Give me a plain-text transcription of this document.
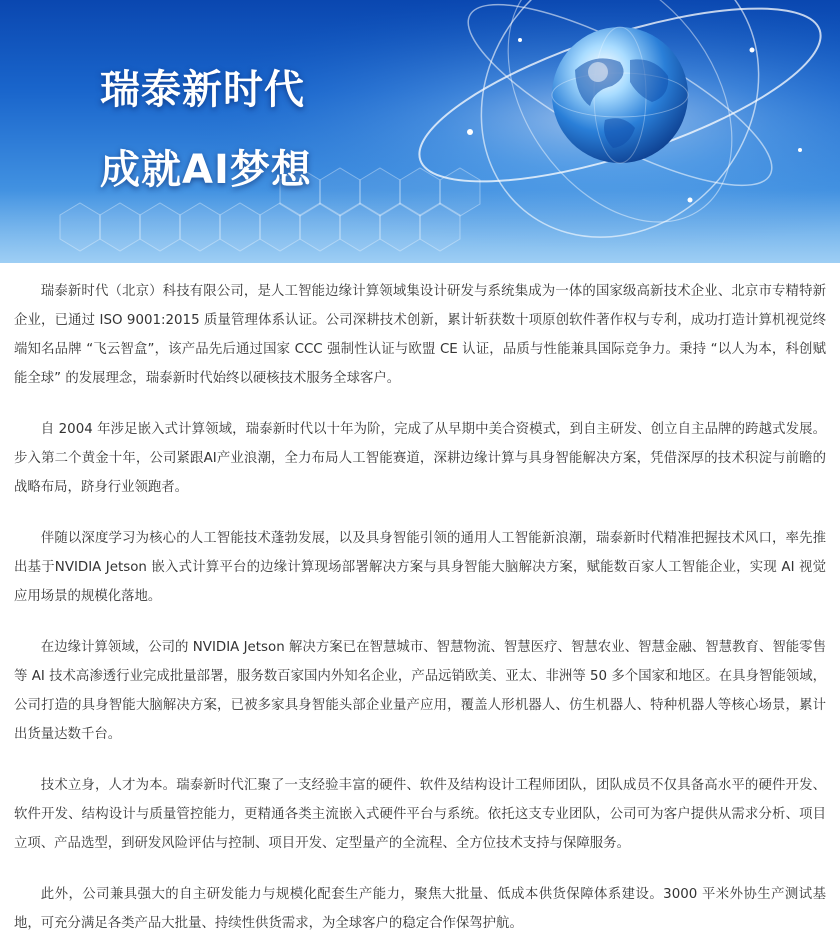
瑞泰新时代
成就AI梦想

瑞泰新时代（北京）科技有限公司，是人工智能边缘计算领域集设计研发与系统集成为一体的国家级高新技术企业、北京市专精特新企业，已通过 ISO 9001:2015 质量管理体系认证。公司深耕技术创新，累计斩获数十项原创软件著作权与专利，成功打造计算机视觉终端知名品牌 “飞云智盒”，该产品先后通过国家 CCC 强制性认证与欧盟 CE 认证，品质与性能兼具国际竞争力。秉持 “以人为本，科创赋能全球” 的发展理念，瑞泰新时代始终以硬核技术服务全球客户。

自 2004 年涉足嵌入式计算领域，瑞泰新时代以十年为阶，完成了从早期中美合资模式，到自主研发、创立自主品牌的跨越式发展。步入第二个黄金十年，公司紧跟AI产业浪潮，全力布局人工智能赛道，深耕边缘计算与具身智能解决方案，凭借深厚的技术积淀与前瞻的战略布局，跻身行业领跑者。

伴随以深度学习为核心的人工智能技术蓬勃发展，以及具身智能引领的通用人工智能新浪潮，瑞泰新时代精准把握技术风口，率先推出基于NVIDIA Jetson 嵌入式计算平台的边缘计算现场部署解决方案与具身智能大脑解决方案，赋能数百家人工智能企业，实现 AI 视觉应用场景的规模化落地。

在边缘计算领域，公司的 NVIDIA Jetson 解决方案已在智慧城市、智慧物流、智慧医疗、智慧农业、智慧金融、智慧教育、智能零售等 AI 技术高渗透行业完成批量部署，服务数百家国内外知名企业，产品远销欧美、亚太、非洲等 50 多个国家和地区。在具身智能领域，公司打造的具身智能大脑解决方案，已被多家具身智能头部企业量产应用，覆盖人形机器人、仿生机器人、特种机器人等核心场景，累计出货量达数千台。

技术立身，人才为本。瑞泰新时代汇聚了一支经验丰富的硬件、软件及结构设计工程师团队，团队成员不仅具备高水平的硬件开发、软件开发、结构设计与质量管控能力，更精通各类主流嵌入式硬件平台与系统。依托这支专业团队，公司可为客户提供从需求分析、项目立项、产品选型，到研发风险评估与控制、项目开发、定型量产的全流程、全方位技术支持与保障服务。

此外，公司兼具强大的自主研发能力与规模化配套生产能力，聚焦大批量、低成本供货保障体系建设。3000 平米外协生产测试基地，可充分满足各类产品大批量、持续性供货需求，为全球客户的稳定合作保驾护航。
